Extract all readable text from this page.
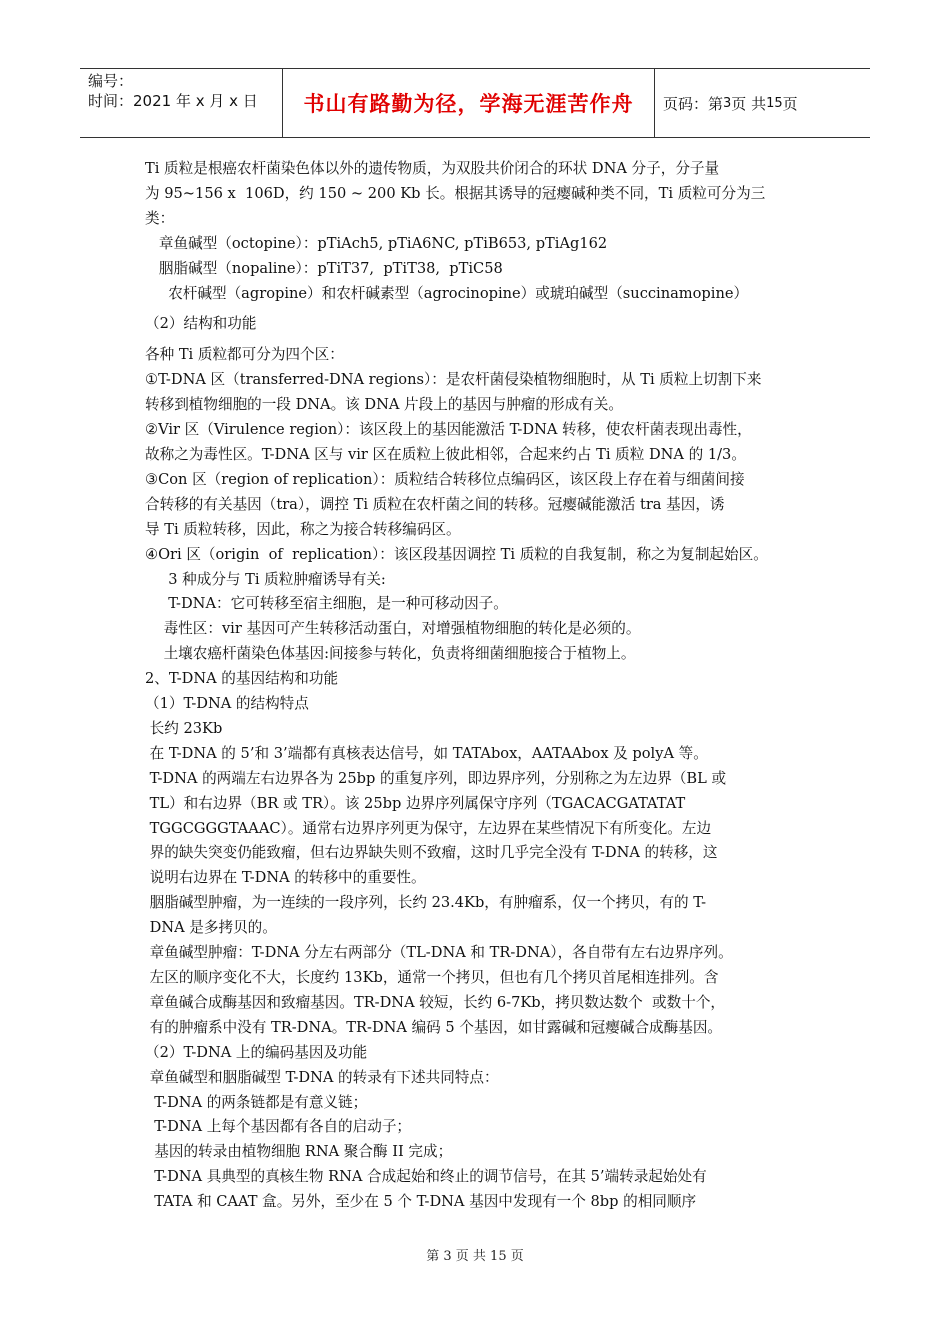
编号：
时间：2021 年 x 月 x 日	书山有路勤为径，学海无涯苦作舟 页码：第 3 页 共 15 页

Ti 质粒是根癌农杆菌染色体以外的遗传物质，为双股共价闭合的环状 DNA 分子，分子量

为 95~156 x  106D，约 150 ~ 200 Kb 长。根据其诱导的冠瘿碱种类不同，Ti 质粒可分为三

类：

章鱼碱型（octopine）：pTiAch5, pTiA6NC, pTiB653, pTiAg162

胭脂碱型（nopaline）：pTiT37,  pTiT38,  pTiC58

农杆碱型（agropine）和农杆碱素型（agrocinopine）或琥珀碱型（succinamopine）

（2）结构和功能

各种 Ti 质粒都可分为四个区：

①T-DNA 区（transferred-DNA regions）：是农杆菌侵染植物细胞时，从 Ti 质粒上切割下来

转移到植物细胞的一段 DNA。该 DNA 片段上的基因与肿瘤的形成有关。

②Vir 区（Virulence region）：该区段上的基因能激活 T-DNA 转移，使农杆菌表现出毒性，

故称之为毒性区。T-DNA 区与 vir 区在质粒上彼此相邻，合起来约占 Ti 质粒 DNA 的 1/3。

③Con 区（region of replication）：质粒结合转移位点编码区，该区段上存在着与细菌间接

合转移的有关基因（tra），调控 Ti 质粒在农杆菌之间的转移。冠瘿碱能激活 tra 基因，诱

导 Ti 质粒转移，因此，称之为接合转移编码区。

④Ori 区（origin  of  replication）：该区段基因调控 Ti 质粒的自我复制，称之为复制起始区。

3 种成分与 Ti 质粒肿瘤诱导有关:

T-DNA：它可转移至宿主细胞，是一种可移动因子。

毒性区：vir 基因可产生转移活动蛋白，对增强植物细胞的转化是必须的。

土壤农癌杆菌染色体基因:间接参与转化，负责将细菌细胞接合于植物上。

2、T-DNA 的基因结构和功能

（1）T-DNA 的结构特点

长约 23Kb

在 T-DNA 的 5’和 3’端都有真核表达信号，如 TATAbox，AATAAbox 及 polyA 等。

T-DNA 的两端左右边界各为 25bp 的重复序列，即边界序列，分别称之为左边界（BL 或

TL）和右边界（BR 或 TR）。该 25bp 边界序列属保守序列（TGACACGATATAT

TGGCGGGTAAAC）。通常右边界序列更为保守，左边界在某些情况下有所变化。左边

界的缺失突变仍能致瘤，但右边界缺失则不致瘤，这时几乎完全没有 T-DNA 的转移，这

说明右边界在 T-DNA 的转移中的重要性。

胭脂碱型肿瘤，为一连续的一段序列，长约 23.4Kb，有肿瘤系，仅一个拷贝，有的 T-

DNA 是多拷贝的。

章鱼碱型肿瘤：T-DNA 分左右两部分（TL-DNA 和 TR-DNA），各自带有左右边界序列。

左区的顺序变化不大，长度约 13Kb，通常一个拷贝，但也有几个拷贝首尾相连排列。含

章鱼碱合成酶基因和致瘤基因。TR-DNA 较短，长约 6-7Kb，拷贝数达数个  或数十个，

有的肿瘤系中没有 TR-DNA。TR-DNA 编码 5 个基因，如甘露碱和冠瘿碱合成酶基因。

（2）T-DNA 上的编码基因及功能

章鱼碱型和胭脂碱型 T-DNA 的转录有下述共同特点：

T-DNA 的两条链都是有意义链；

T-DNA 上每个基因都有各自的启动子；

基因的转录由植物细胞 RNA 聚合酶 II 完成；

T-DNA 具典型的真核生物 RNA 合成起始和终止的调节信号，在其 5’端转录起始处有

TATA 和 CAAT 盒。另外，至少在 5 个 T-DNA 基因中发现有一个 8bp 的相同顺序

第 3 页 共 15 页
